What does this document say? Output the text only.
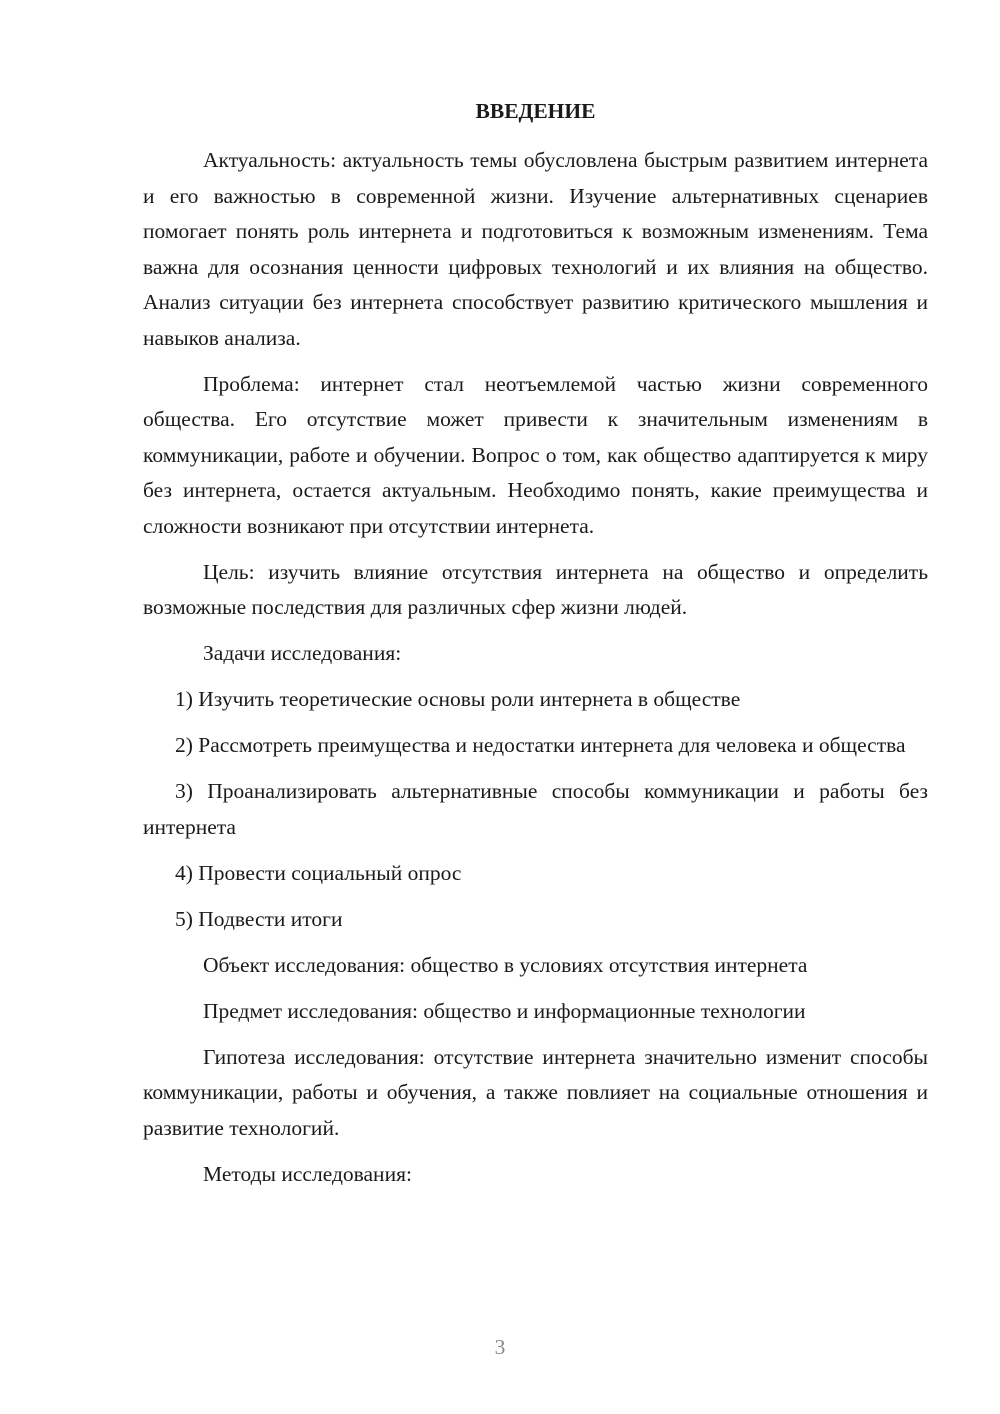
ВВЕДЕНИЕ

Актуальность: актуальность темы обусловлена быстрым развитием интернета и его важностью в современной жизни. Изучение альтернативных сценариев помогает понять роль интернета и подготовиться к возможным изменениям. Тема важна для осознания ценности цифровых технологий и их влияния на общество. Анализ ситуации без интернета способствует развитию критического мышления и навыков анализа.

Проблема: интернет стал неотъемлемой частью жизни современного общества. Его отсутствие может привести к значительным изменениям в коммуникации, работе и обучении. Вопрос о том, как общество адаптируется к миру без интернета, остается актуальным. Необходимо понять, какие преимущества и сложности возникают при отсутствии интернета.

Цель: изучить влияние отсутствия интернета на общество и определить возможные последствия для различных сфер жизни людей.

Задачи исследования:

1) Изучить теоретические основы роли интернета в обществе

2) Рассмотреть преимущества и недостатки интернета для человека и общества

3) Проанализировать альтернативные способы коммуникации и работы без интернета

4) Провести социальный опрос

5) Подвести итоги

Объект исследования: общество в условиях отсутствия интернета

Предмет исследования: общество и информационные технологии

Гипотеза исследования: отсутствие интернета значительно изменит способы коммуникации, работы и обучения, а также повлияет на социальные отношения и развитие технологий.

Методы исследования:

3
